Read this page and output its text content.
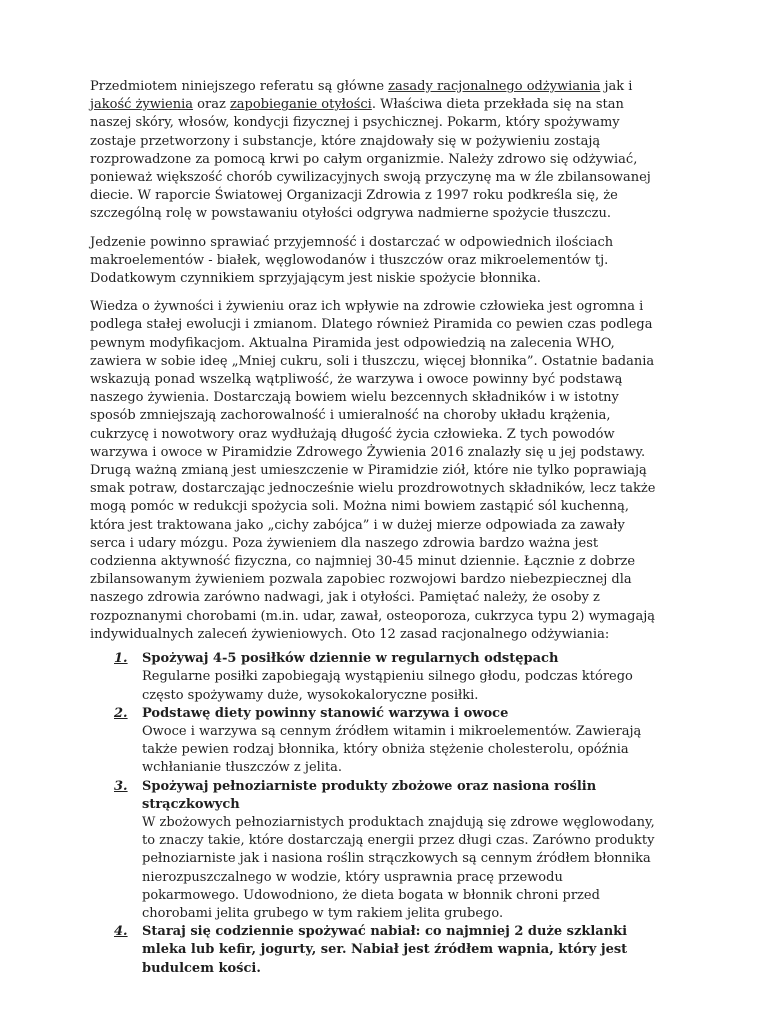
Przedmiotem niniejszego referatu są główne zasady racjonalnego odżywiania jak i jakość żywienia oraz zapobieganie otyłości. Właściwa dieta przekłada się na stan naszej skóry, włosów, kondycji fizycznej i psychicznej. Pokarm, który spożywamy zostaje przetworzony i substancje, które znajdowały się w pożywieniu zostają rozprowadzone za pomocą krwi po całym organizmie. Należy zdrowo się odżywiać, ponieważ większość chorób cywilizacyjnych swoją przyczynę ma w źle zbilansowanej diecie. W raporcie Światowej Organizacji Zdrowia z 1997 roku podkreśla się, że szczególną rolę w powstawaniu otyłości odgrywa nadmierne spożycie tłuszczu.

Jedzenie powinno sprawiać przyjemność i dostarczać w odpowiednich ilościach makroelementów - białek, węglowodanów i tłuszczów oraz mikroelementów tj. Dodatkowym czynnikiem sprzyjającym jest niskie spożycie błonnika.

Wiedza o żywności i żywieniu oraz ich wpływie na zdrowie człowieka jest ogromna i podlega stałej ewolucji i zmianom. Dlatego również Piramida co pewien czas podlega pewnym modyfikacjom. Aktualna Piramida jest odpowiedzią na zalecenia WHO, zawiera w sobie ideę „Mniej cukru, soli i tłuszczu, więcej błonnika”. Ostatnie badania wskazują ponad wszelką wątpliwość, że warzywa i owoce powinny być podstawą naszego żywienia. Dostarczają bowiem wielu bezcennych składników i w istotny sposób zmniejszają zachorowalność i umieralność na choroby układu krążenia, cukrzycę i nowotwory oraz wydłużają długość życia człowieka. Z tych powodów warzywa i owoce w Piramidzie Zdrowego Żywienia 2016 znalazły się u jej podstawy. Drugą ważną zmianą jest umieszczenie w Piramidzie ziół, które nie tylko poprawiają smak potraw, dostarczając jednocześnie wielu prozdrowotnych składników, lecz także mogą pomóc w redukcji spożycia soli. Można nimi bowiem zastąpić sól kuchenną, która jest traktowana jako „cichy zabójca” i w dużej mierze odpowiada za zawały serca i udary mózgu. Poza żywieniem dla naszego zdrowia bardzo ważna jest codzienna aktywność fizyczna, co najmniej 30-45 minut dziennie. Łącznie z dobrze zbilansowanym żywieniem pozwala zapobiec rozwojowi bardzo niebezpiecznej dla naszego zdrowia zarówno nadwagi, jak i otyłości. Pamiętać należy, że osoby z rozpoznanymi chorobami (m.in. udar, zawał, osteoporoza, cukrzyca typu 2) wymagają indywidualnych zaleceń żywieniowych. Oto 12 zasad racjonalnego odżywiania:

1.	Spożywaj 4-5 posiłków dziennie w regularnych odstępach
Regularne posiłki zapobiegają wystąpieniu silnego głodu, podczas którego często spożywamy duże, wysokokaloryczne posiłki.
2.	Podstawę diety powinny stanowić warzywa i owoce
Owoce i warzywa są cennym źródłem witamin i mikroelementów. Zawierają także pewien rodzaj błonnika, który obniża stężenie cholesterolu, opóźnia wchłanianie tłuszczów z jelita.
3.	Spożywaj pełnoziarniste produkty zbożowe oraz nasiona roślin strączkowych
W zbożowych pełnoziarnistych produktach znajdują się zdrowe węglowodany, to znaczy takie, które dostarczają energii przez długi czas. Zarówno produkty pełnoziarniste jak i nasiona roślin strączkowych są cennym źródłem błonnika nierozpuszczalnego w wodzie, który usprawnia pracę przewodu pokarmowego. Udowodniono, że dieta bogata w błonnik chroni przed chorobami jelita grubego w tym rakiem jelita grubego.
4.	Staraj się codziennie spożywać nabiał: co najmniej 2 duże szklanki mleka lub kefir, jogurty, ser. Nabiał jest źródłem wapnia, który jest budulcem kości.
